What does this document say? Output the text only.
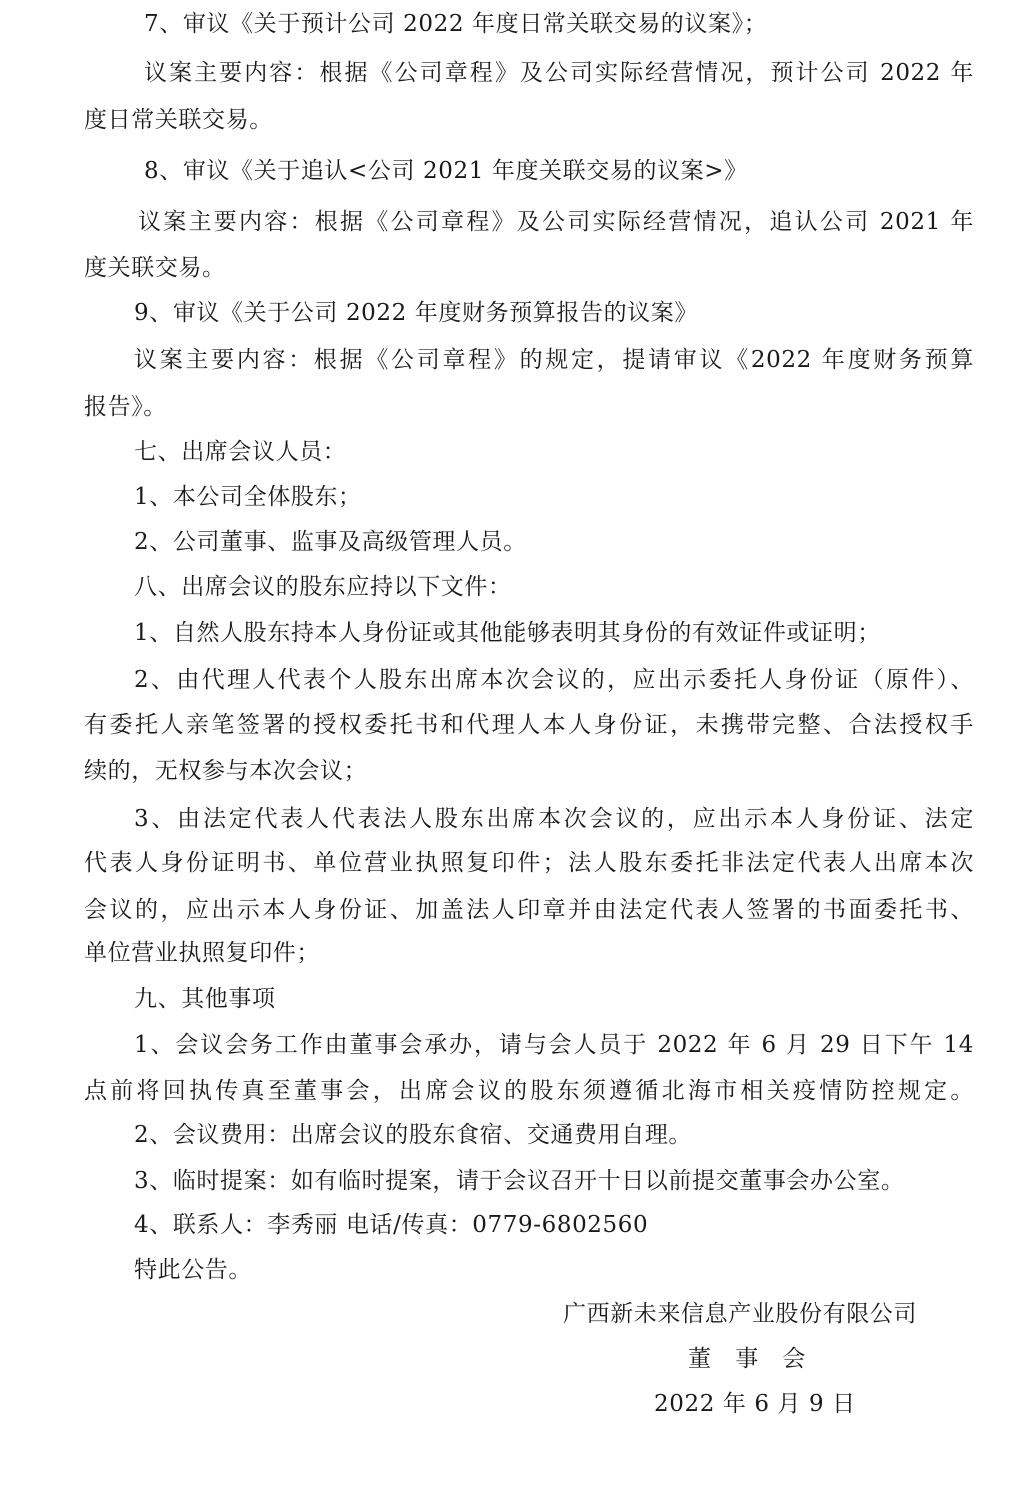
7、审议《关于预计公司 2022 年度日常关联交易的议案》；
议案主要内容：根据《公司章程》及公司实际经营情况，预计公司 2022 年
度日常关联交易。
8、审议《关于追认<公司 2021 年度关联交易的议案>》
议案主要内容：根据《公司章程》及公司实际经营情况，追认公司 2021 年
度关联交易。
9、审议《关于公司 2022 年度财务预算报告的议案》
议案主要内容：根据《公司章程》的规定，提请审议《2022 年度财务预算
报告》。
七、出席会议人员：
1、本公司全体股东；
2、公司董事、监事及高级管理人员。
八、出席会议的股东应持以下文件：
1、自然人股东持本人身份证或其他能够表明其身份的有效证件或证明；
2、由代理人代表个人股东出席本次会议的，应出示委托人身份证（原件）、
有委托人亲笔签署的授权委托书和代理人本人身份证，未携带完整、合法授权手
续的，无权参与本次会议；
3、由法定代表人代表法人股东出席本次会议的，应出示本人身份证、法定
代表人身份证明书、单位营业执照复印件；法人股东委托非法定代表人出席本次
会议的，应出示本人身份证、加盖法人印章并由法定代表人签署的书面委托书、
单位营业执照复印件；
九、其他事项
1、会议会务工作由董事会承办，请与会人员于 2022 年 6 月 29 日下午 14
点前将回执传真至董事会，出席会议的股东须遵循北海市相关疫情防控规定。
2、会议费用：出席会议的股东食宿、交通费用自理。
3、临时提案：如有临时提案，请于会议召开十日以前提交董事会办公室。
4、联系人：李秀丽 电话/传真：0779-6802560
特此公告。
广西新未来信息产业股份有限公司
董　事　会
2022 年 6 月 9 日
